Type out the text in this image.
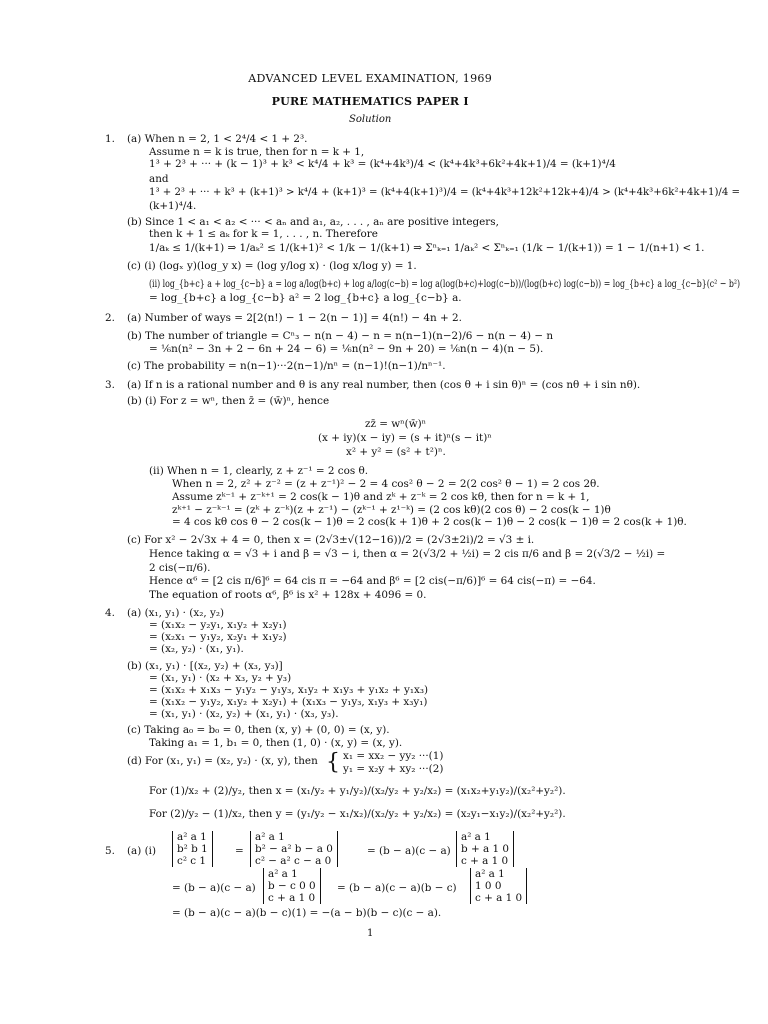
ADVANCED LEVEL EXAMINATION, 1969
PURE MATHEMATICS PAPER I
Solution
1. (a) When n = 2, 1 < 2⁴/4 < 1 + 2³.
Assume n = k is true, then for n = k + 1,
1³ + 2³ + ··· + (k − 1)³ + k³ < k⁴/4 + k³ = (k⁴+4k³)/4 < (k⁴+4k³+6k²+4k+1)/4 = (k+1)⁴/4
and
1³ + 2³ + ··· + k³ + (k+1)³ > k⁴/4 + (k+1)³ = (k⁴+4(k+1)³)/4 = (k⁴+4k³+12k²+12k+4)/4 > (k⁴+4k³+6k²+4k+1)/4 =
(k+1)⁴/4.
(b) Since 1 < a₁ < a₂ < ··· < aₙ and a₁, a₂, . . . , aₙ are positive integers,
then k + 1 ≤ aₖ for k = 1, . . . , n. Therefore
1/aₖ ≤ 1/(k+1) ⇒ 1/aₖ² ≤ 1/(k+1)² < 1/k − 1/(k+1) ⇒ Σⁿₖ₌₁ 1/aₖ² < Σⁿₖ₌₁ (1/k − 1/(k+1)) = 1 − 1/(n+1) < 1.
(c) (i) (logₓ y)(log_y x) = (log y/log x) · (log x/log y) = 1.
(ii) log_{b+c} a + log_{c−b} a = log a/log(b+c) + log a/log(c−b) = log a(log(b+c)+log(c−b))/(log(b+c) log(c−b)) = log_{b+c} a log_{c−b}(c² − b²)
= log_{b+c} a log_{c−b} a² = 2 log_{b+c} a log_{c−b} a.
2. (a) Number of ways = 2[2(n!) − 1 − 2(n − 1)] = 4(n!) − 4n + 2.
(b) The number of triangle = Cⁿ₃ − n(n − 4) − n = n(n−1)(n−2)/6 − n(n − 4) − n
= ⅙n(n² − 3n + 2 − 6n + 24 − 6) = ⅙n(n² − 9n + 20) = ⅙n(n − 4)(n − 5).
(c) The probability = n(n−1)···2(n−1)/nⁿ = (n−1)!(n−1)/nⁿ⁻¹.
3. (a) If n is a rational number and θ is any real number, then (cos θ + i sin θ)ⁿ = (cos nθ + i sin nθ).
(b) (i) For z = wⁿ, then z̄ = (w̄)ⁿ, hence
zz̄ = wⁿ(w̄)ⁿ
(x + iy)(x − iy) = (s + it)ⁿ(s − it)ⁿ
x² + y² = (s² + t²)ⁿ.
(ii) When n = 1, clearly, z + z⁻¹ = 2 cos θ.
When n = 2, z² + z⁻² = (z + z⁻¹)² − 2 = 4 cos² θ − 2 = 2(2 cos² θ − 1) = 2 cos 2θ.
Assume zᵏ⁻¹ + z⁻ᵏ⁺¹ = 2 cos(k − 1)θ and zᵏ + z⁻ᵏ = 2 cos kθ, then for n = k + 1,
zᵏ⁺¹ − z⁻ᵏ⁻¹ = (zᵏ + z⁻ᵏ)(z + z⁻¹) − (zᵏ⁻¹ + z¹⁻ᵏ) = (2 cos kθ)(2 cos θ) − 2 cos(k − 1)θ
= 4 cos kθ cos θ − 2 cos(k − 1)θ = 2 cos(k + 1)θ + 2 cos(k − 1)θ − 2 cos(k − 1)θ = 2 cos(k + 1)θ.
(c) For x² − 2√3x + 4 = 0, then x = (2√3±√(12−16))/2 = (2√3±2i)/2 = √3 ± i.
Hence taking α = √3 + i and β = √3 − i, then α = 2(√3/2 + ½i) = 2 cis π/6 and β = 2(√3/2 − ½i) =
2 cis(−π/6).
Hence α⁶ = [2 cis π/6]⁶ = 64 cis π = −64 and β⁶ = [2 cis(−π/6)]⁶ = 64 cis(−π) = −64.
The equation of roots α⁶, β⁶ is x² + 128x + 4096 = 0.
4. (a) (x₁, y₁) · (x₂, y₂)
= (x₁x₂ − y₂y₁, x₁y₂ + x₂y₁)
= (x₂x₁ − y₁y₂, x₂y₁ + x₁y₂)
= (x₂, y₂) · (x₁, y₁).
(b) (x₁, y₁) · [(x₂, y₂) + (x₃, y₃)]
= (x₁, y₁) · (x₂ + x₃, y₂ + y₃)
= (x₁x₂ + x₁x₃ − y₁y₂ − y₁y₃, x₁y₂ + x₁y₃ + y₁x₂ + y₁x₃)
= (x₁x₂ − y₁y₂, x₁y₂ + x₂y₁) + (x₁x₃ − y₁y₃, x₁y₃ + x₃y₁)
= (x₁, y₁) · (x₂, y₂) + (x₁, y₁) · (x₃, y₃).
(c) Taking a₀ = b₀ = 0, then (x, y) + (0, 0) = (x, y).
Taking a₁ = 1, b₁ = 0, then (1, 0) · (x, y) = (x, y).
(d) For (x₁, y₁) = (x₂, y₂) · (x, y), then { x₁ = xx₂ − yy₂ ···(1)
y₁ = x₂y + xy₂ ···(2)
For (1)/x₂ + (2)/y₂, then x = (x₁/y₂ + y₁/y₂)/(x₂/y₂ + y₂/x₂) = (x₁x₂+y₁y₂)/(x₂²+y₂²).
For (2)/y₂ − (1)/x₂, then y = (y₁/y₂ − x₁/x₂)/(x₂/y₂ + y₂/x₂) = (x₂y₁−x₁y₂)/(x₂²+y₂²).
5. (a) (i)
a² a 1
b² b 1
c² c 1
=
a² a 1
b² − a² b − a 0
c² − a² c − a 0
= (b − a)(c − a)
a² a 1
b + a 1 0
c + a 1 0
= (b − a)(c − a)
a² a 1
b − c 0 0
c + a 1 0
= (b − a)(c − a)(b − c)
a² a 1
1 0 0
c + a 1 0
= (b − a)(c − a)(b − c)(1) = −(a − b)(b − c)(c − a).
1
